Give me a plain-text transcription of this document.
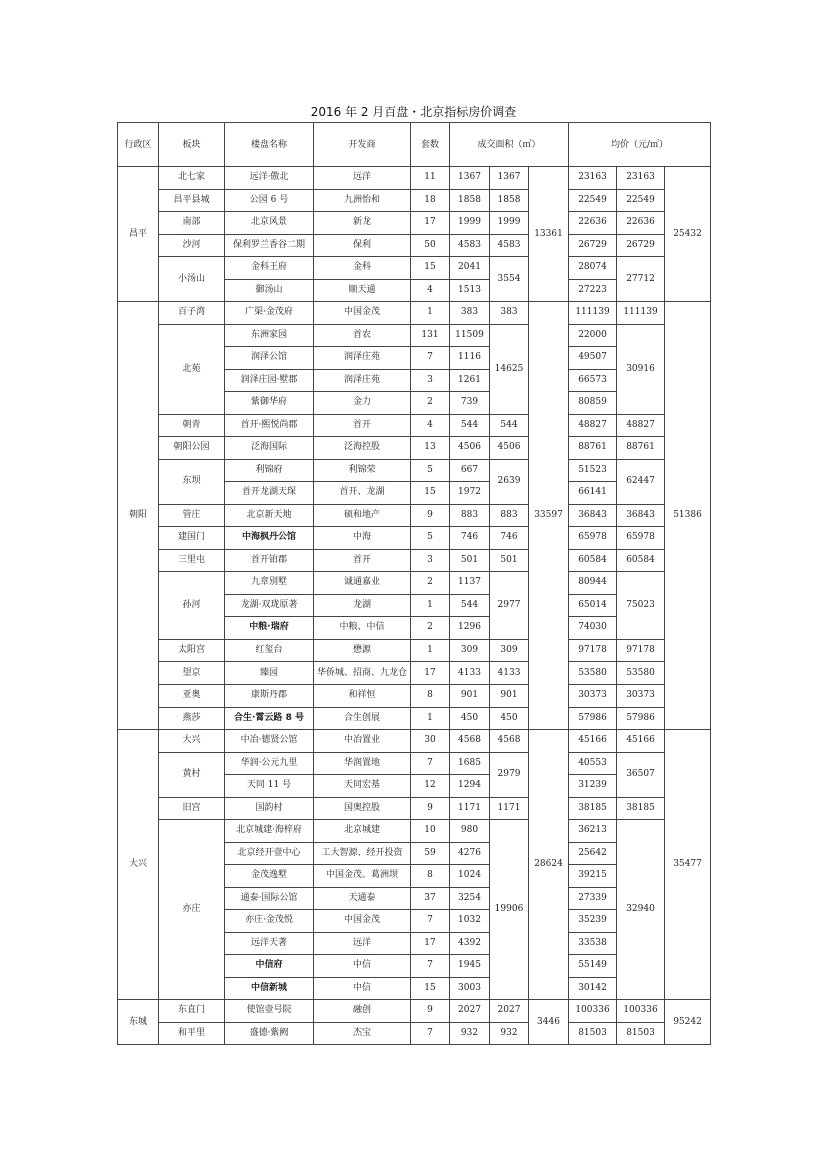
2016 年 2 月百盘・北京指标房价调查
行政区	板块	楼盘名称	开发商	套数	成交面积（㎡）			均价（元/㎡）		
昌平	北七家	远洋·傲北	远洋	11	1367	1367	13361	23163	23163	25432
	昌平县城	公园 6 号	九洲怡和	18	1858	1858		22549	22549	
	南部	北京风景	新龙	17	1999	1999		22636	22636	
	沙河	保利罗兰香谷二期	保利	50	4583	4583		26729	26729	
	小汤山	金科王府	金科	15	2041	3554		28074	27712	
		御汤山	顺天通	4	1513			27223		
朝阳	百子湾	广渠·金茂府	中国金茂	1	383	383	33597	111139	111139	51386
	北苑	东洲家园	首农	131	11509	14625		22000	30916	
		润泽公馆	润泽庄苑	7	1116			49507		
		润泽庄园·墅郡	润泽庄苑	3	1261			66573		
		紫御华府	金力	2	739			80859		
	朝青	首开·熙悦尚郡	首开	4	544	544		48827	48827	
	朝阳公园	泛海国际	泛海控股	13	4506	4506		88761	88761	
	东坝	利锦府	利锦荣	5	667	2639		51523	62447	
		首开龙湖天琛	首开、龙湖	15	1972			66141		
	管庄	北京新天地	硕和地产	9	883	883		36843	36843	
	建国门	中海枫丹公馆	中海	5	746	746		65978	65978	
	三里屯	首开铂郡	首开	3	501	501		60584	60584	
	孙河	九章别墅	诚通嘉业	2	1137	2977		80944	75023	
		龙湖·双珑原著	龙湖	1	544			65014		
		中粮·瑞府	中粮、中信	2	1296			74030		
	太阳宫	红玺台	懋源	1	309	309		97178	97178	
	望京	臻园	华侨城、招商、九龙仓	17	4133	4133		53580	53580	
	亚奥	康斯丹郡	和祥恒	8	901	901		30373	30373	
	燕莎	合生·霄云路 8 号	合生创展	1	450	450		57986	57986	
大兴	大兴	中冶·德贤公馆	中冶置业	30	4568	4568	28624	45166	45166	35477
	黄村	华润·公元九里	华润置地	7	1685	2979		40553	36507	
		天同 11 号	天同宏基	12	1294			31239		
	旧宫	国韵村	国奥控股	9	1171	1171		38185	38185	
	亦庄	北京城建·海梓府	北京城建	10	980	19906		36213	32940	
		北京经开壹中心	工大智源、经开投资	59	4276			25642		
		金茂逸墅	中国金茂、葛洲坝	8	1024			39215		
		通泰·国际公馆	天通泰	37	3254			27339		
		亦庄·金茂悦	中国金茂	7	1032			35239		
		远洋天著	远洋	17	4392			33538		
		中信府	中信	7	1945			55149		
		中信新城	中信	15	3003			30142		
东城	东直门	使馆壹号院	融创	9	2027	2027	3446	100336	100336	95242
	和平里	盛德·紫阙	杰宝	7	932	932		81503	81503	
